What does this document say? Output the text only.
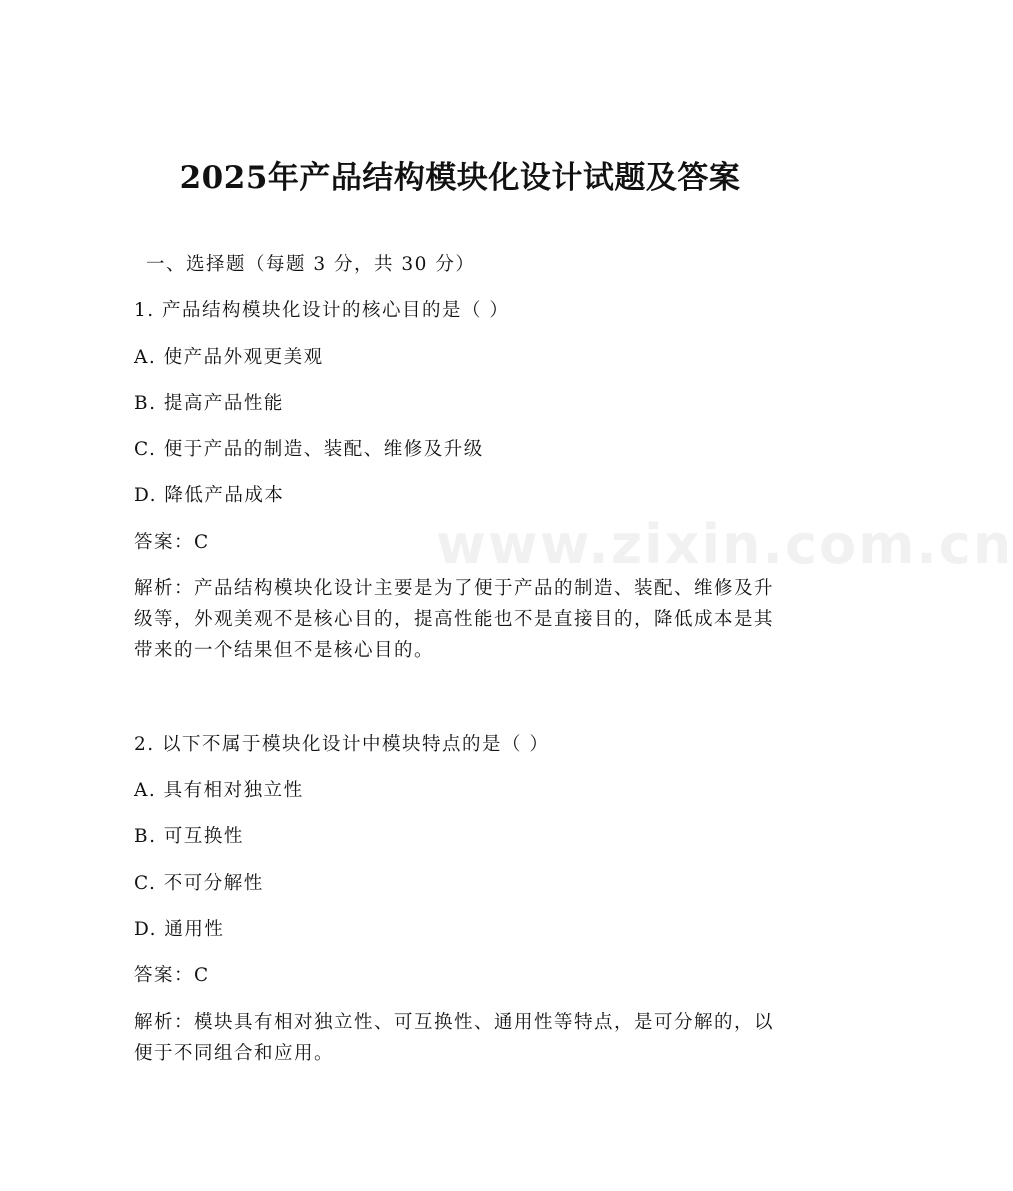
www.zixin.com.cn
2025年产品结构模块化设计试题及答案
一、选择题（每题 3 分，共 30 分）
1. 产品结构模块化设计的核心目的是（ ）
A. 使产品外观更美观
B. 提高产品性能
C. 便于产品的制造、装配、维修及升级
D. 降低产品成本
答案：C
解析：产品结构模块化设计主要是为了便于产品的制造、装配、维修及升级等，外观美观不是核心目的，提高性能也不是直接目的，降低成本是其带来的一个结果但不是核心目的。
2. 以下不属于模块化设计中模块特点的是（ ）
A. 具有相对独立性
B. 可互换性
C. 不可分解性
D. 通用性
答案：C
解析：模块具有相对独立性、可互换性、通用性等特点，是可分解的，以便于不同组合和应用。
